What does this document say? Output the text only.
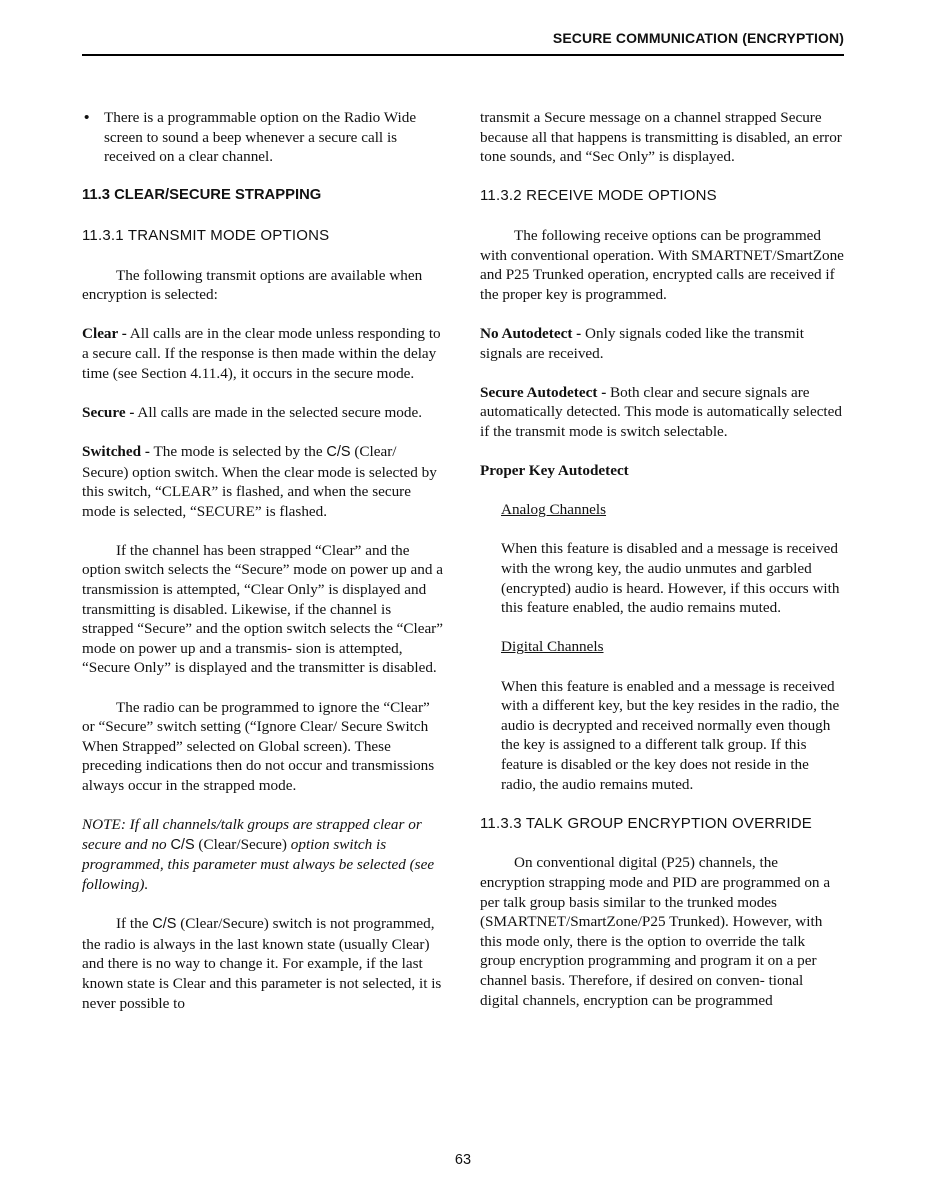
SECURE COMMUNICATION (ENCRYPTION)
• There is a programmable option on the Radio Wide screen to sound a beep whenever a secure call is received on a clear channel.
11.3 CLEAR/SECURE STRAPPING
11.3.1 TRANSMIT MODE OPTIONS

The following transmit options are available when encryption is selected:

Clear - All calls are in the clear mode unless responding to a secure call. If the response is then made within the delay time (see Section 4.11.4), it occurs in the secure mode.

Secure - All calls are made in the selected secure mode.

Switched - The mode is selected by the C/S (Clear/ Secure) option switch. When the clear mode is selected by this switch, “CLEAR” is flashed, and when the secure mode is selected, “SECURE” is flashed.

If the channel has been strapped “Clear” and the option switch selects the “Secure” mode on power up and a transmission is attempted, “Clear Only” is displayed and transmitting is disabled. Likewise, if the channel is strapped “Secure” and the option switch selects the “Clear” mode on power up and a transmis- sion is attempted, “Secure Only” is displayed and the transmitter is disabled.

The radio can be programmed to ignore the “Clear” or “Secure” switch setting (“Ignore Clear/ Secure Switch When Strapped” selected on Global screen). These preceding indications then do not occur and transmissions always occur in the strapped mode.

NOTE: If all channels/talk groups are strapped clear or secure and no C/S (Clear/Secure) option switch is programmed, this parameter must always be selected (see following).

If the C/S (Clear/Secure) switch is not programmed, the radio is always in the last known state (usually Clear) and there is no way to change it. For example, if the last known state is Clear and this parameter is not selected, it is never possible to

transmit a Secure message on a channel strapped Secure because all that happens is transmitting is disabled, an error tone sounds, and “Sec Only” is displayed.

11.3.2 RECEIVE MODE OPTIONS

The following receive options can be programmed with conventional operation. With SMARTNET/SmartZone and P25 Trunked operation, encrypted calls are received if the proper key is programmed.

No Autodetect - Only signals coded like the transmit signals are received.

Secure Autodetect - Both clear and secure signals are automatically detected. This mode is automatically selected if the transmit mode is switch selectable.

Proper Key Autodetect

Analog Channels

When this feature is disabled and a message is received with the wrong key, the audio unmutes and garbled (encrypted) audio is heard. However, if this occurs with this feature enabled, the audio remains muted.

Digital Channels

When this feature is enabled and a message is received with a different key, but the key resides in the radio, the audio is decrypted and received normally even though the key is assigned to a different talk group. If this feature is disabled or the key does not reside in the radio, the audio remains muted.

11.3.3 TALK GROUP ENCRYPTION OVERRIDE

On conventional digital (P25) channels, the encryption strapping mode and PID are programmed on a per talk group basis similar to the trunked modes (SMARTNET/SmartZone/P25 Trunked). However, with this mode only, there is the option to override the talk group encryption programming and program it on a per channel basis. Therefore, if desired on conven- tional digital channels, encryption can be programmed

63
